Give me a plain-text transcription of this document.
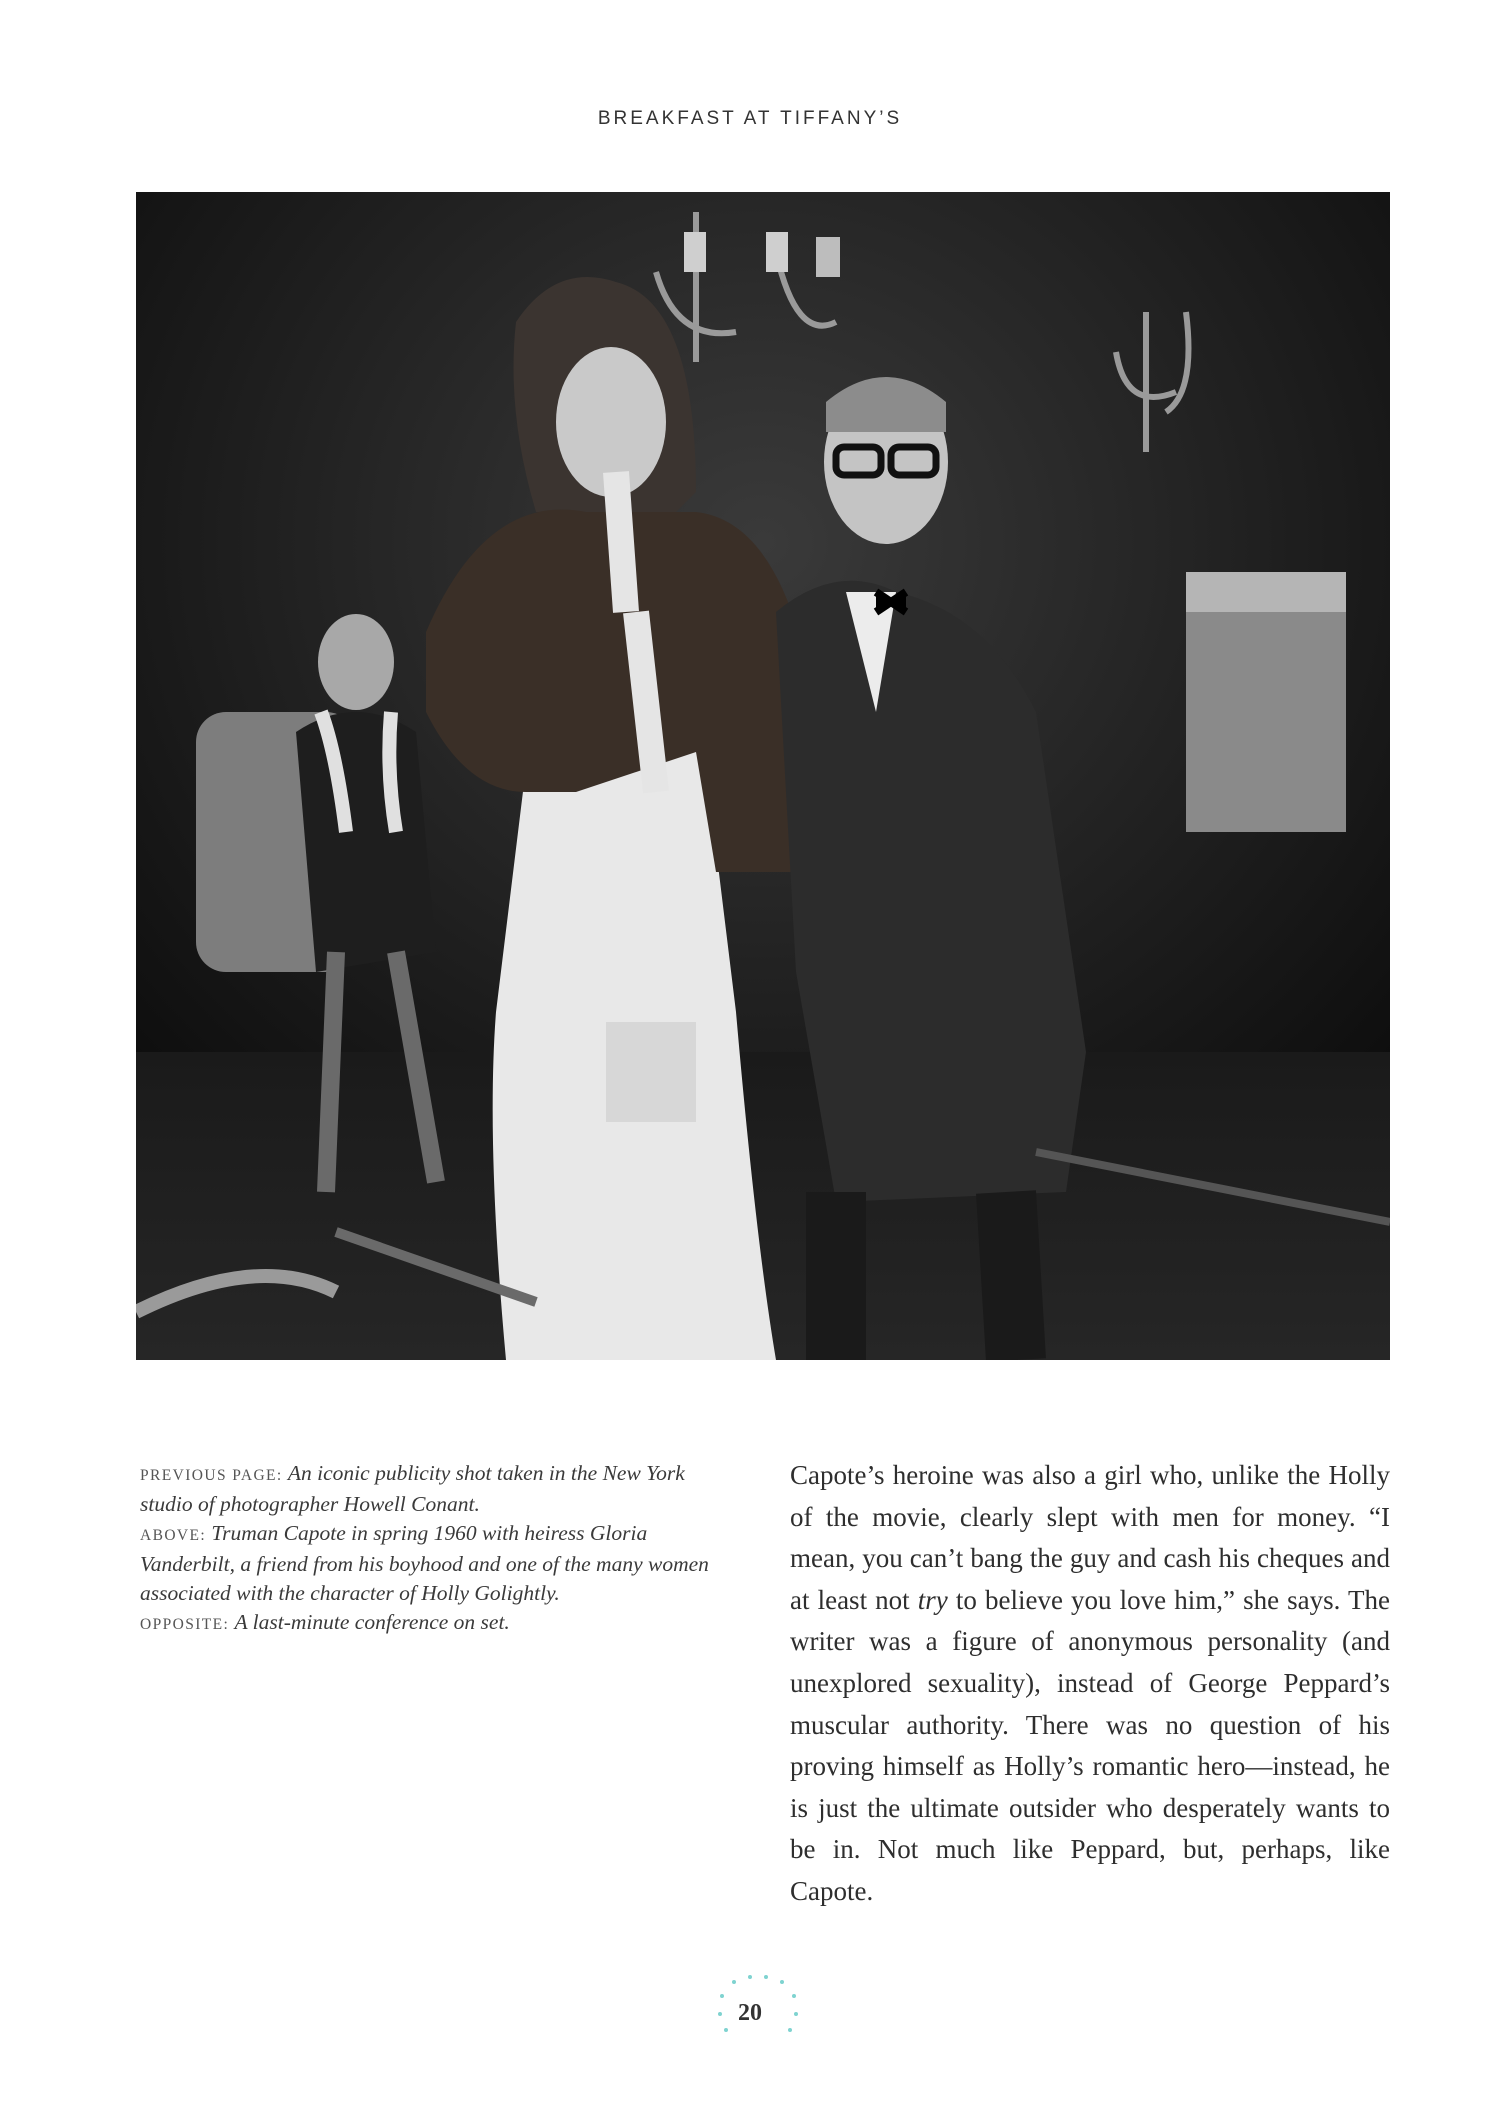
BREAKFAST AT TIFFANY’S

PREVIOUS PAGE: An iconic publicity shot taken in the New York studio of photographer Howell Conant.

ABOVE: Truman Capote in spring 1960 with heiress Gloria Vanderbilt, a friend from his boyhood and one of the many women associated with the character of Holly Golightly.

OPPOSITE: A last-minute conference on set.

Capote’s heroine was also a girl who, unlike the Holly of the movie, clearly slept with men for money. “I mean, you can’t bang the guy and cash his cheques and at least not try to believe you love him,” she says. The writer was a figure of anonymous personality (and unexplored sexuality), instead of George Peppard’s muscular authority. There was no question of his proving himself as Holly’s romantic hero—instead, he is just the ultimate outsider who desperately wants to be in. Not much like Peppard, but, perhaps, like Capote.

20
